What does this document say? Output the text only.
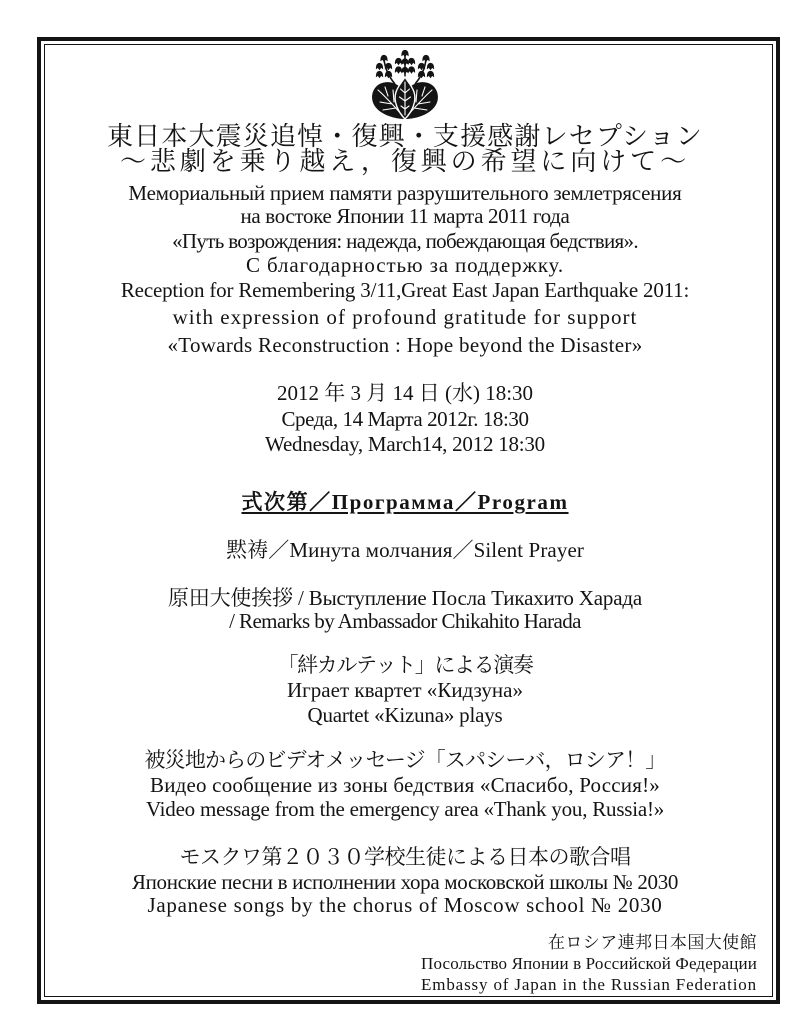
東日本大震災追悼・復興・支援感謝レセプション
～悲劇を乗り越え，復興の希望に向けて～
Мемориальный прием памяти разрушительного землетрясения
на востоке Японии 11 марта 2011 года
«Путь возрождения: надежда, побеждающая бедствия».
С благодарностью за поддержку.
Reception for Remembering 3/11,Great East Japan Earthquake 2011:
with expression of profound gratitude for support
«Towards Reconstruction : Hope beyond the Disaster»
2012 年 3 月 14 日 (水) 18:30
Среда, 14 Марта 2012г. 18:30
Wednesday, March14, 2012 18:30
式次第／Программа／Program
黙祷／Минута молчания／Silent Prayer
原田大使挨拶 / Выступление Посла Тикахито Харада
/ Remarks by Ambassador Chikahito Harada
「絆カルテット」による演奏
Играет квартет «Кидзуна»
Quartet «Kizuna» plays
被災地からのビデオメッセージ「スパシーバ，ロシア！」
Видео сообщение из зоны бедствия «Спасибо, Россия!»
Video message from the emergency area «Thank you, Russia!»
モスクワ第２０３０学校生徒による日本の歌合唱
Японские песни в исполнении хора московской школы № 2030
Japanese songs by the chorus of Moscow school № 2030
在ロシア連邦日本国大使館
Посольство Японии в Российской Федерации
Embassy of Japan in the Russian Federation
